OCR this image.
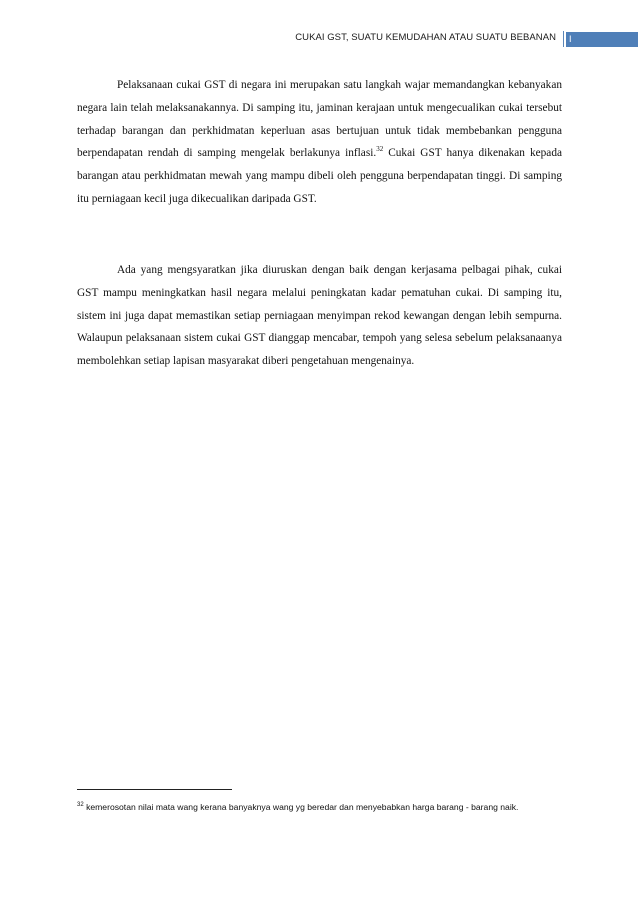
CUKAI GST, SUATU KEMUDAHAN ATAU SUATU BEBANAN I

Pelaksanaan cukai GST di negara ini merupakan satu langkah wajar memandangkan kebanyakan negara lain telah melaksanakannya. Di samping itu, jaminan kerajaan untuk mengecualikan cukai tersebut terhadap barangan dan perkhidmatan keperluan asas bertujuan untuk tidak membebankan pengguna berpendapatan rendah di samping mengelak berlakunya inflasi.$^{32}$ Cukai GST hanya dikenakan kepada barangan atau perkhidmatan mewah yang mampu dibeli oleh pengguna berpendapatan tinggi. Di samping itu perniagaan kecil juga dikecualikan daripada GST.

Ada yang mengsyaratkan jika diuruskan dengan baik dengan kerjasama pelbagai pihak, cukai GST mampu meningkatkan hasil negara melalui peningkatan kadar pematuhan cukai. Di samping itu, sistem ini juga dapat memastikan setiap perniagaan menyimpan rekod kewangan dengan lebih sempurna. Walaupun pelaksanaan sistem cukai GST dianggap mencabar, tempoh yang selesa sebelum pelaksanaanya membolehkan setiap lapisan masyarakat diberi pengetahuan mengenainya.

$^{32}$ kemerosotan nilai mata wang kerana banyaknya wang yg beredar dan menyebabkan harga barang - barang naik.
